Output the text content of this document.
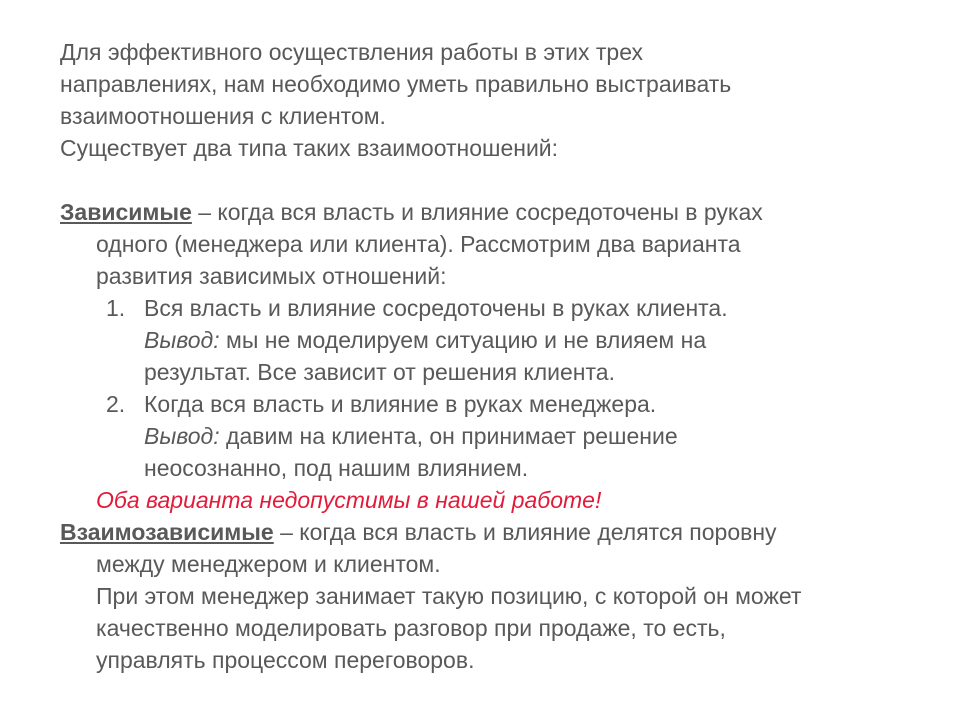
Для эффективного осуществления работы в этих трех

направлениях, нам необходимо уметь правильно выстраивать

взаимоотношения с клиентом.

Существует два типа таких взаимоотношений:

Зависимые – когда вся власть и влияние сосредоточены в руках

одного (менеджера или клиента). Рассмотрим два варианта

развития зависимых отношений:

1. Вся власть и влияние сосредоточены в руках клиента.

Вывод: мы не моделируем ситуацию и не влияем на

результат. Все зависит от решения клиента.

2. Когда вся власть и влияние в руках менеджера.

Вывод: давим на клиента, он принимает решение

неосознанно, под нашим влиянием.

Оба варианта недопустимы в нашей работе!

Взаимозависимые – когда вся власть и влияние делятся поровну

между менеджером и клиентом.

При этом менеджер занимает такую позицию, с которой он может

качественно моделировать разговор при продаже, то есть,

управлять процессом переговоров.
